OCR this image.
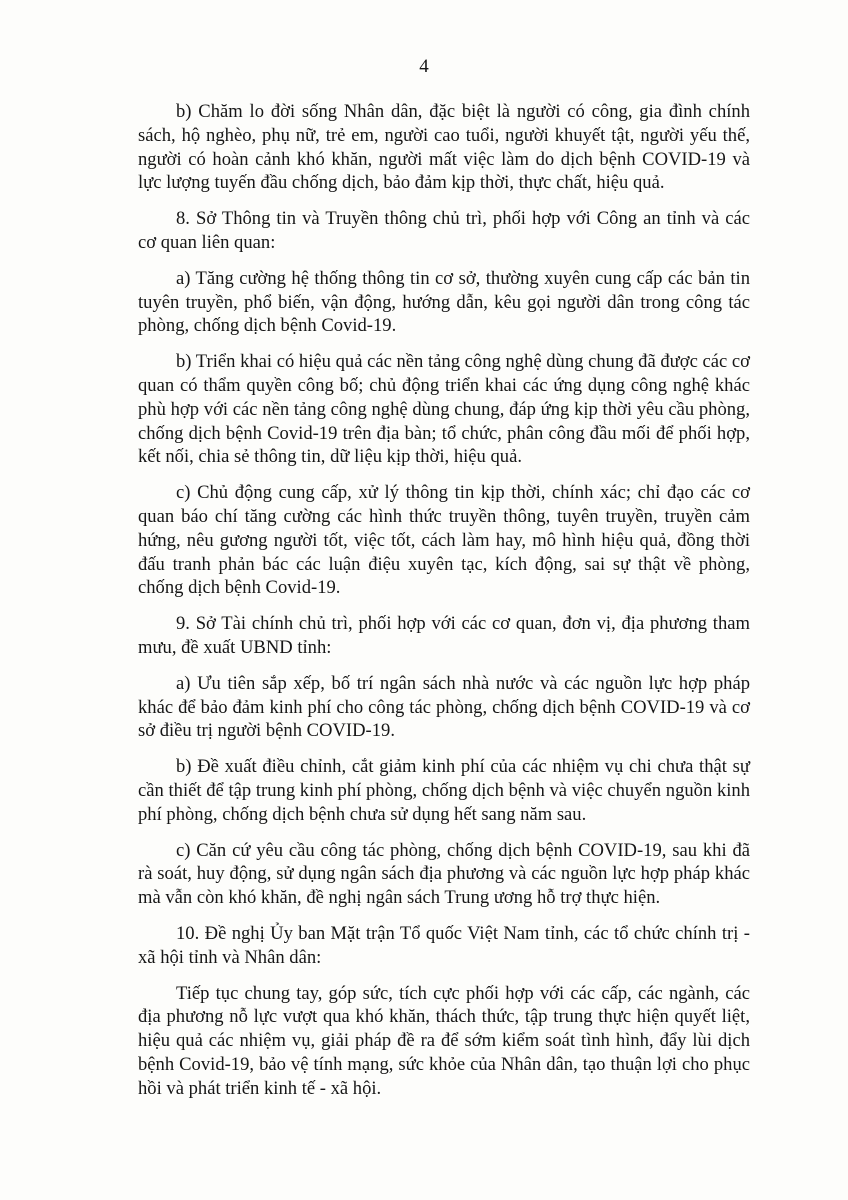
4

b) Chăm lo đời sống Nhân dân, đặc biệt là người có công, gia đình chính sách, hộ nghèo, phụ nữ, trẻ em, người cao tuổi, người khuyết tật, người yếu thế, người có hoàn cảnh khó khăn, người mất việc làm do dịch bệnh COVID-19 và lực lượng tuyến đầu chống dịch, bảo đảm kịp thời, thực chất, hiệu quả.

8. Sở Thông tin và Truyền thông chủ trì, phối hợp với Công an tỉnh và các cơ quan liên quan:

a) Tăng cường hệ thống thông tin cơ sở, thường xuyên cung cấp các bản tin tuyên truyền, phổ biến, vận động, hướng dẫn, kêu gọi người dân trong công tác phòng, chống dịch bệnh Covid-19.

b) Triển khai có hiệu quả các nền tảng công nghệ dùng chung đã được các cơ quan có thẩm quyền công bố; chủ động triển khai các ứng dụng công nghệ khác phù hợp với các nền tảng công nghệ dùng chung, đáp ứng kịp thời yêu cầu phòng, chống dịch bệnh Covid-19 trên địa bàn; tổ chức, phân công đầu mối để phối hợp, kết nối, chia sẻ thông tin, dữ liệu kịp thời, hiệu quả.

c) Chủ động cung cấp, xử lý thông tin kịp thời, chính xác; chỉ đạo các cơ quan báo chí tăng cường các hình thức truyền thông, tuyên truyền, truyền cảm hứng, nêu gương người tốt, việc tốt, cách làm hay, mô hình hiệu quả, đồng thời đấu tranh phản bác các luận điệu xuyên tạc, kích động, sai sự thật về phòng, chống dịch bệnh Covid-19.

9. Sở Tài chính chủ trì, phối hợp với các cơ quan, đơn vị, địa phương tham mưu, đề xuất UBND tỉnh:

a) Ưu tiên sắp xếp, bố trí ngân sách nhà nước và các nguồn lực hợp pháp khác để bảo đảm kinh phí cho công tác phòng, chống dịch bệnh COVID-19 và cơ sở điều trị người bệnh COVID-19.

b) Đề xuất điều chỉnh, cắt giảm kinh phí của các nhiệm vụ chi chưa thật sự cần thiết để tập trung kinh phí phòng, chống dịch bệnh và việc chuyển nguồn kinh phí phòng, chống dịch bệnh chưa sử dụng hết sang năm sau.

c) Căn cứ yêu cầu công tác phòng, chống dịch bệnh COVID-19, sau khi đã rà soát, huy động, sử dụng ngân sách địa phương và các nguồn lực hợp pháp khác mà vẫn còn khó khăn, đề nghị ngân sách Trung ương hỗ trợ thực hiện.

10. Đề nghị Ủy ban Mặt trận Tổ quốc Việt Nam tỉnh, các tổ chức chính trị - xã hội tỉnh và Nhân dân:

Tiếp tục chung tay, góp sức, tích cực phối hợp với các cấp, các ngành, các địa phương nỗ lực vượt qua khó khăn, thách thức, tập trung thực hiện quyết liệt, hiệu quả các nhiệm vụ, giải pháp đề ra để sớm kiểm soát tình hình, đẩy lùi dịch bệnh Covid-19, bảo vệ tính mạng, sức khỏe của Nhân dân, tạo thuận lợi cho phục hồi và phát triển kinh tế - xã hội.
